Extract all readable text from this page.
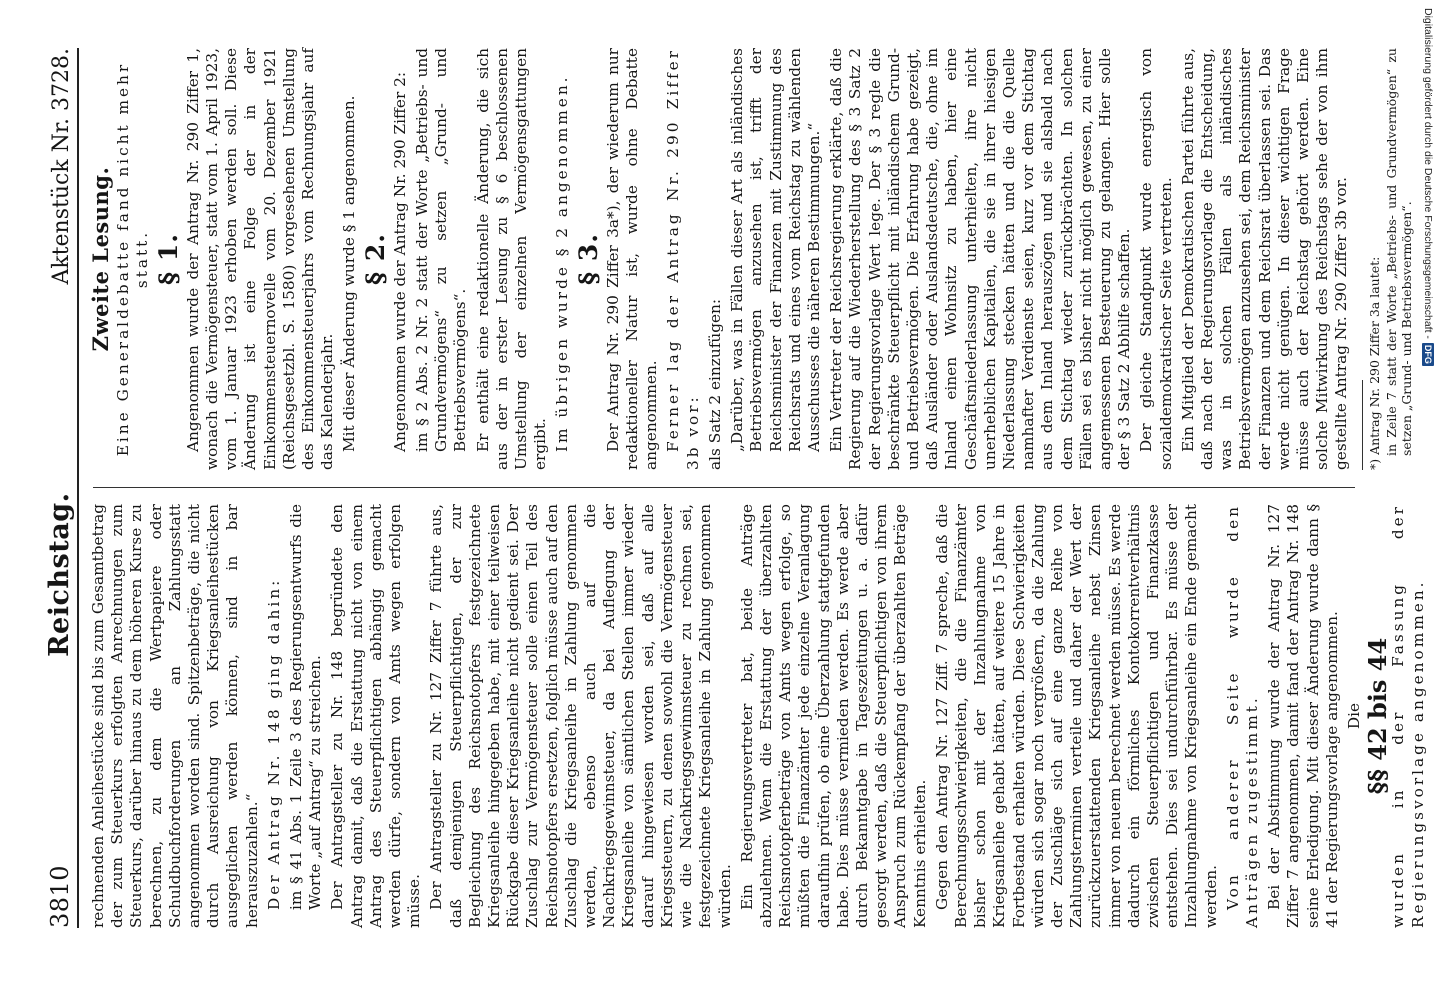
3810
Reichstag.
Aktenstück Nr. 3728.

rechnenden Anleihestücke sind bis zum Gesamtbetrag der zum Steuerkurs erfolgten Anrechnungen zum Steuerkurs, darüber hinaus zu dem höheren Kurse zu berechnen, zu dem die Wertpapiere oder Schuldbuchforderungen an Zahlungsstatt angenommen worden sind. Spitzenbeträge, die nicht durch Ausreichung von Kriegsanleihestücken ausgeglichen werden können, sind in bar herauszuzahlen.“ Der Antrag Nr. 148 ging dahin: im § 41 Abs. 1 Zeile 3 des Regierungsentwurfs die Worte „auf Antrag“ zu streichen. Der Antragsteller zu Nr. 148 begründete den Antrag damit, daß die Erstattung nicht von einem Antrag des Steuerpflichtigen abhängig gemacht werden dürfe, sondern von Amts wegen erfolgen müsse. Der Antragsteller zu Nr. 127 Ziffer 7 führte aus, daß demjenigen Steuerpflichtigen, der zur Begleichung des Reichsnotopfers festgezeichnete Kriegsanleihe hingegeben habe, mit einer teilweisen Rückgabe dieser Kriegsanleihe nicht gedient sei. Der Zuschlag zur Vermögensteuer solle einen Teil des Reichsnotopfers ersetzen, folglich müsse auch auf den Zuschlag die Kriegsanleihe in Zahlung genommen werden, ebenso auch auf die Nachkriegsgewinnsteuer, da bei Auflegung der Kriegsanleihe von sämtlichen Stellen immer wieder darauf hingewiesen worden sei, daß auf alle Kriegssteuern, zu denen sowohl die Vermögensteuer wie die Nachkriegsgewinnsteuer zu rechnen sei, festgezeichnete Kriegsanleihe in Zahlung genommen würden. Ein Regierungsvertreter bat, beide Anträge abzulehnen. Wenn die Erstattung der überzahlten Reichsnotopferbeträge von Amts wegen erfolge, so müßten die Finanzämter jede einzelne Veranlagung daraufhin prüfen, ob eine Überzahlung stattgefunden habe. Dies müsse vermieden werden. Es werde aber durch Bekanntgabe in Tageszeitungen u. a. dafür gesorgt werden, daß die Steuerpflichtigen von ihrem Anspruch zum Rückempfang der überzahlten Beträge Kenntnis erhielten. Gegen den Antrag Nr. 127 Ziff. 7 spreche, daß die Berechnungsschwierigkeiten, die die Finanzämter bisher schon mit der Inzahlungnahme von Kriegsanleihe gehabt hätten, auf weitere 15 Jahre in Fortbestand erhalten würden. Diese Schwierigkeiten würden sich sogar noch vergrößern, da die Zahlung der Zuschläge sich auf eine ganze Reihe von Zahlungsterminen verteile und daher der Wert der zurückzuerstattenden Kriegsanleihe nebst Zinsen immer von neuem berechnet werden müsse. Es werde dadurch ein förmliches Kontokorrentverhältnis zwischen Steuerpflichtigen und Finanzkasse entstehen. Dies sei undurchführbar. Es müsse der Inzahlungnahme von Kriegsanleihe ein Ende gemacht werden. Von anderer Seite wurde den Anträgen zugestimmt. Bei der Abstimmung wurde der Antrag Nr. 127 Ziffer 7 angenommen, damit fand der Antrag Nr. 148 seine Erledigung. Mit dieser Änderung wurde dann § 41 der Regierungsvorlage angenommen. Die §§ 42 bis 44

wurden in der Fassung der Regierungsvorlage angenommen.

Zweite Lesung. Eine Generaldebatte fand nicht mehr statt. § 1. Angenommen wurde der Antrag Nr. 290 Ziffer 1, wonach die Vermögensteuer, statt vom 1. April 1923, vom 1. Januar 1923 erhoben werden soll. Diese Änderung ist eine Folge der in der Einkommensteuernovelle vom 20. Dezember 1921 (Reichsgesetzbl. S. 1580) vorgesehenen Umstellung des Einkommensteuerjahrs vom Rechnungsjahr auf das Kalenderjahr. Mit dieser Änderung wurde § 1 angenommen. § 2. Angenommen wurde der Antrag Nr. 290 Ziffer 2: im § 2 Abs. 2 Nr. 2 statt der Worte „Betriebs- und Grundvermögens“ zu setzen „Grund- und Betriebsvermögens“. Er enthält eine redaktionelle Änderung, die sich aus der in erster Lesung zu § 6 beschlossenen Umstellung der einzelnen Vermögensgattungen ergibt. Im übrigen wurde § 2 angenommen. § 3. Der Antrag Nr. 290 Ziffer 3a*), der wiederum nur redaktioneller Natur ist, wurde ohne Debatte angenommen. Ferner lag der Antrag Nr. 290 Ziffer 3b vor: als Satz 2 einzufügen: „Darüber, was in Fällen dieser Art als inländisches Betriebsvermögen anzusehen ist, trifft der Reichsminister der Finanzen mit Zustimmung des Reichsrats und eines vom Reichstag zu wählenden Ausschusses die näheren Bestimmungen.“ Ein Vertreter der Reichsregierung erklärte, daß die Regierung auf die Wiederherstellung des § 3 Satz 2 der Regierungsvorlage Wert lege. Der § 3 regle die beschränkte Steuerpflicht mit inländischem Grund- und Betriebsvermögen. Die Erfahrung habe gezeigt, daß Ausländer oder Auslandsdeutsche, die, ohne im Inland einen Wohnsitz zu haben, hier eine Geschäftsniederlassung unterhielten, ihre nicht unerheblichen Kapitalien, die sie in ihrer hiesigen Niederlassung stecken hätten und die die Quelle namhafter Verdienste seien, kurz vor dem Stichtag aus dem Inland herauszögen und sie alsbald nach dem Stichtag wieder zurückbrächten. In solchen Fällen sei es bisher nicht möglich gewesen, zu einer angemessenen Besteuerung zu gelangen. Hier solle der § 3 Satz 2 Abhilfe schaffen. Der gleiche Standpunkt wurde energisch von sozialdemokratischer Seite vertreten. Ein Mitglied der Demokratischen Partei führte aus, daß nach der Regierungsvorlage die Entscheidung, was in solchen Fällen als inländisches Betriebsvermögen anzusehen sei, dem Reichsminister der Finanzen und dem Reichsrat überlassen sei. Das werde nicht genügen. In dieser wichtigen Frage müsse auch der Reichstag gehört werden. Eine solche Mitwirkung des Reichstags sehe der von ihm gestellte Antrag Nr. 290 Ziffer 3b vor. *) Antrag Nr. 290 Ziffer 3a lautet: in Zeile 7 statt der Worte „Betriebs- und Grundvermögen“ zu setzen „Grund- und Betriebsvermögen“. Digitalisierung gefördert durch die Deutsche Forschungsgemeinschaft -
DFG
